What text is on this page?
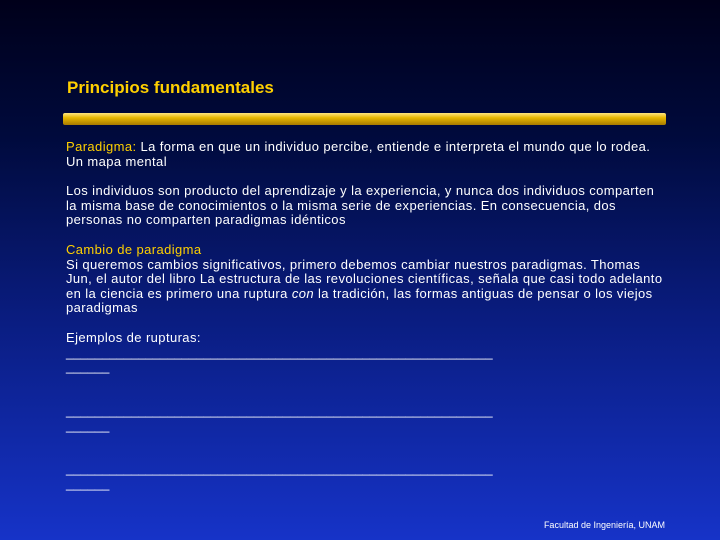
Principios fundamentales

Paradigma: La forma en que un individuo percibe, entiende e interpreta el mundo que lo rodea. Un mapa mental

Los individuos son producto del aprendizaje y la experiencia, y nunca dos individuos comparten la misma base de conocimientos o la misma serie de experiencias. En consecuencia, dos personas no comparten paradigmas idénticos

Cambio de paradigma
Si queremos cambios significativos, primero debemos cambiar nuestros paradigmas. Thomas Jun, el autor del libro La estructura de las revoluciones científicas, señala que casi todo adelanto en la ciencia es primero una ruptura con la tradición, las formas antiguas de pensar o los viejos paradigmas

Ejemplos de rupturas:
___________________________________________________________
______

___________________________________________________________
______

___________________________________________________________
______

Facultad de Ingeniería, UNAM
